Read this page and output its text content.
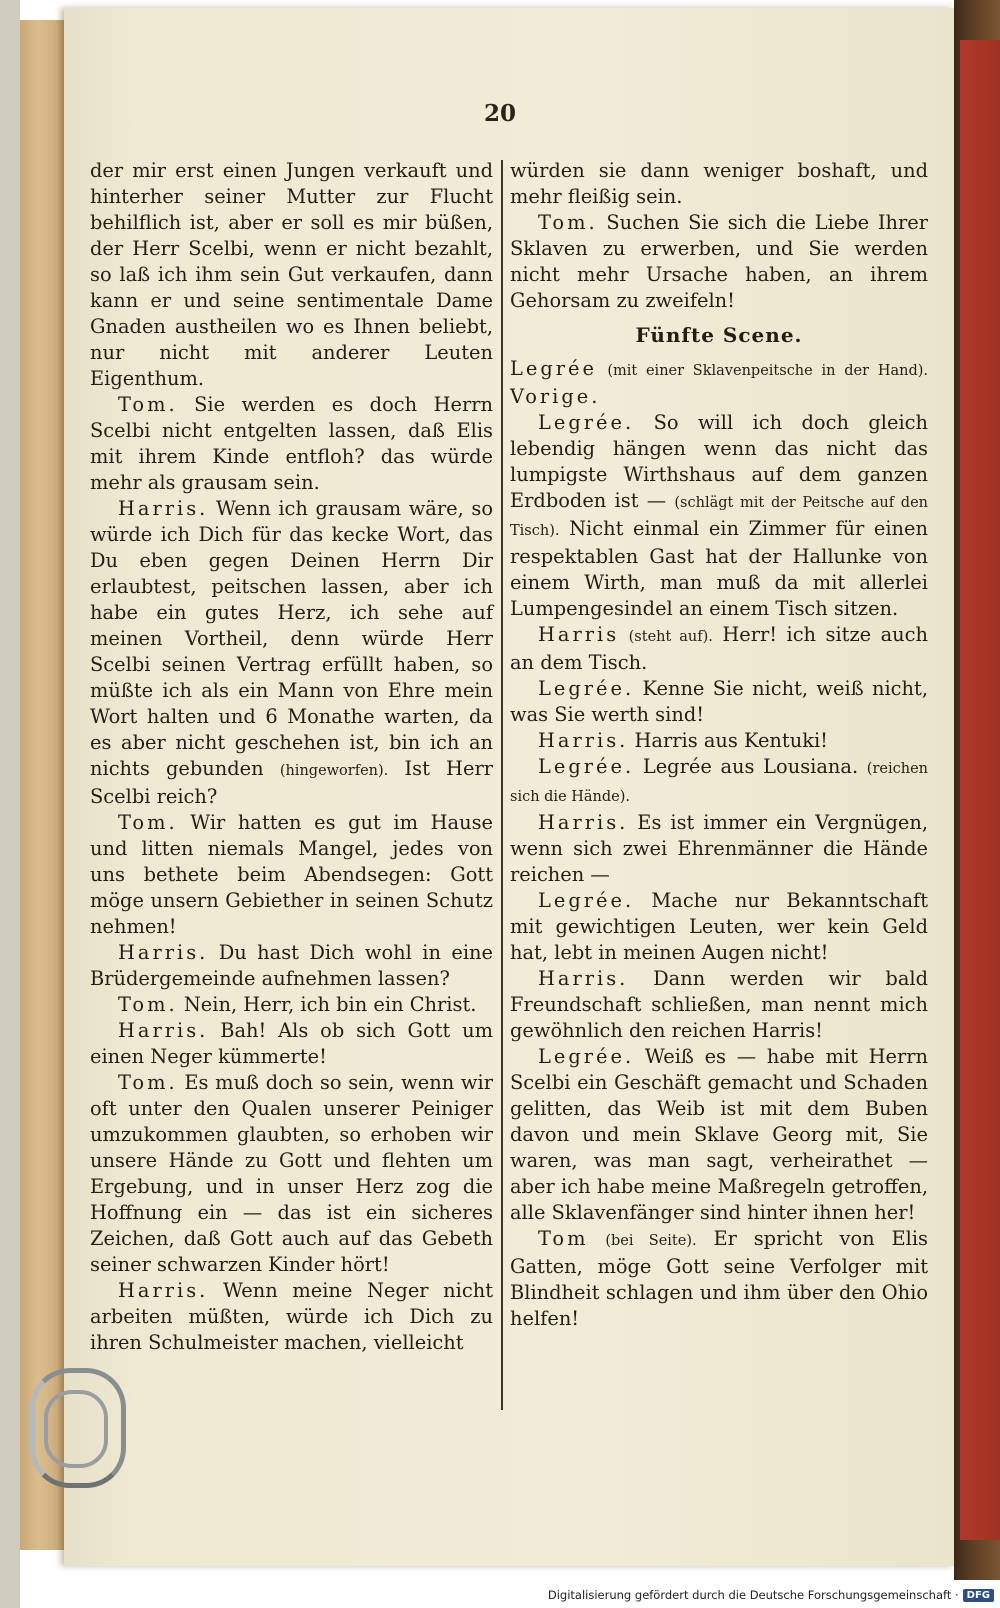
20

der mir erst einen Jungen verkauft und hinterher seiner Mutter zur Flucht behilflich ist, aber er soll es mir büßen, der Herr Scelbi, wenn er nicht bezahlt, so laß ich ihm sein Gut verkaufen, dann kann er und seine sentimentale Dame Gnaden austheilen wo es Ihnen beliebt, nur nicht mit anderer Leuten Eigenthum.

Tom. Sie werden es doch Herrn Scelbi nicht entgelten lassen, daß Elis mit ihrem Kinde entfloh? das würde mehr als grausam sein.

Harris. Wenn ich grausam wäre, so würde ich Dich für das kecke Wort, das Du eben gegen Deinen Herrn Dir erlaubtest, peitschen lassen, aber ich habe ein gutes Herz, ich sehe auf meinen Vortheil, denn würde Herr Scelbi seinen Vertrag erfüllt haben, so müßte ich als ein Mann von Ehre mein Wort halten und 6 Monathe warten, da es aber nicht geschehen ist, bin ich an nichts gebunden (hingeworfen). Ist Herr Scelbi reich?

Tom. Wir hatten es gut im Hause und litten niemals Mangel, jedes von uns bethete beim Abendsegen: Gott möge unsern Gebiether in seinen Schutz nehmen!

Harris. Du hast Dich wohl in eine Brüdergemeinde aufnehmen lassen?

Tom. Nein, Herr, ich bin ein Christ.

Harris. Bah! Als ob sich Gott um einen Neger kümmerte!

Tom. Es muß doch so sein, wenn wir oft unter den Qualen unserer Peiniger umzukommen glaubten, so erhoben wir unsere Hände zu Gott und flehten um Ergebung, und in unser Herz zog die Hoffnung ein — das ist ein sicheres Zeichen, daß Gott auch auf das Gebeth seiner schwarzen Kinder hört!

Harris. Wenn meine Neger nicht arbeiten müßten, würde ich Dich zu ihren Schulmeister machen, vielleicht

würden sie dann weniger boshaft, und mehr fleißig sein.

Tom. Suchen Sie sich die Liebe Ihrer Sklaven zu erwerben, und Sie werden nicht mehr Ursache haben, an ihrem Gehorsam zu zweifeln!

Fünfte Scene.

Legrée (mit einer Sklavenpeitsche in der Hand). Vorige.

Legrée. So will ich doch gleich lebendig hängen wenn das nicht das lumpigste Wirthshaus auf dem ganzen Erdboden ist — (schlägt mit der Peitsche auf den Tisch). Nicht einmal ein Zimmer für einen respektablen Gast hat der Hallunke von einem Wirth, man muß da mit allerlei Lumpengesindel an einem Tisch sitzen.

Harris (steht auf). Herr! ich sitze auch an dem Tisch.

Legrée. Kenne Sie nicht, weiß nicht, was Sie werth sind!

Harris. Harris aus Kentuki!

Legrée. Legrée aus Lousiana. (reichen sich die Hände).

Harris. Es ist immer ein Vergnügen, wenn sich zwei Ehrenmänner die Hände reichen —

Legrée. Mache nur Bekanntschaft mit gewichtigen Leuten, wer kein Geld hat, lebt in meinen Augen nicht!

Harris. Dann werden wir bald Freundschaft schließen, man nennt mich gewöhnlich den reichen Harris!

Legrée. Weiß es — habe mit Herrn Scelbi ein Geschäft gemacht und Schaden gelitten, das Weib ist mit dem Buben davon und mein Sklave Georg mit, Sie waren, was man sagt, verheirathet — aber ich habe meine Maßregeln getroffen, alle Sklavenfänger sind hinter ihnen her!

Tom (bei Seite). Er spricht von Elis Gatten, möge Gott seine Verfolger mit Blindheit schlagen und ihm über den Ohio helfen!

Digitalisierung gefördert durch die Deutsche Forschungsgemeinschaft · DFG
